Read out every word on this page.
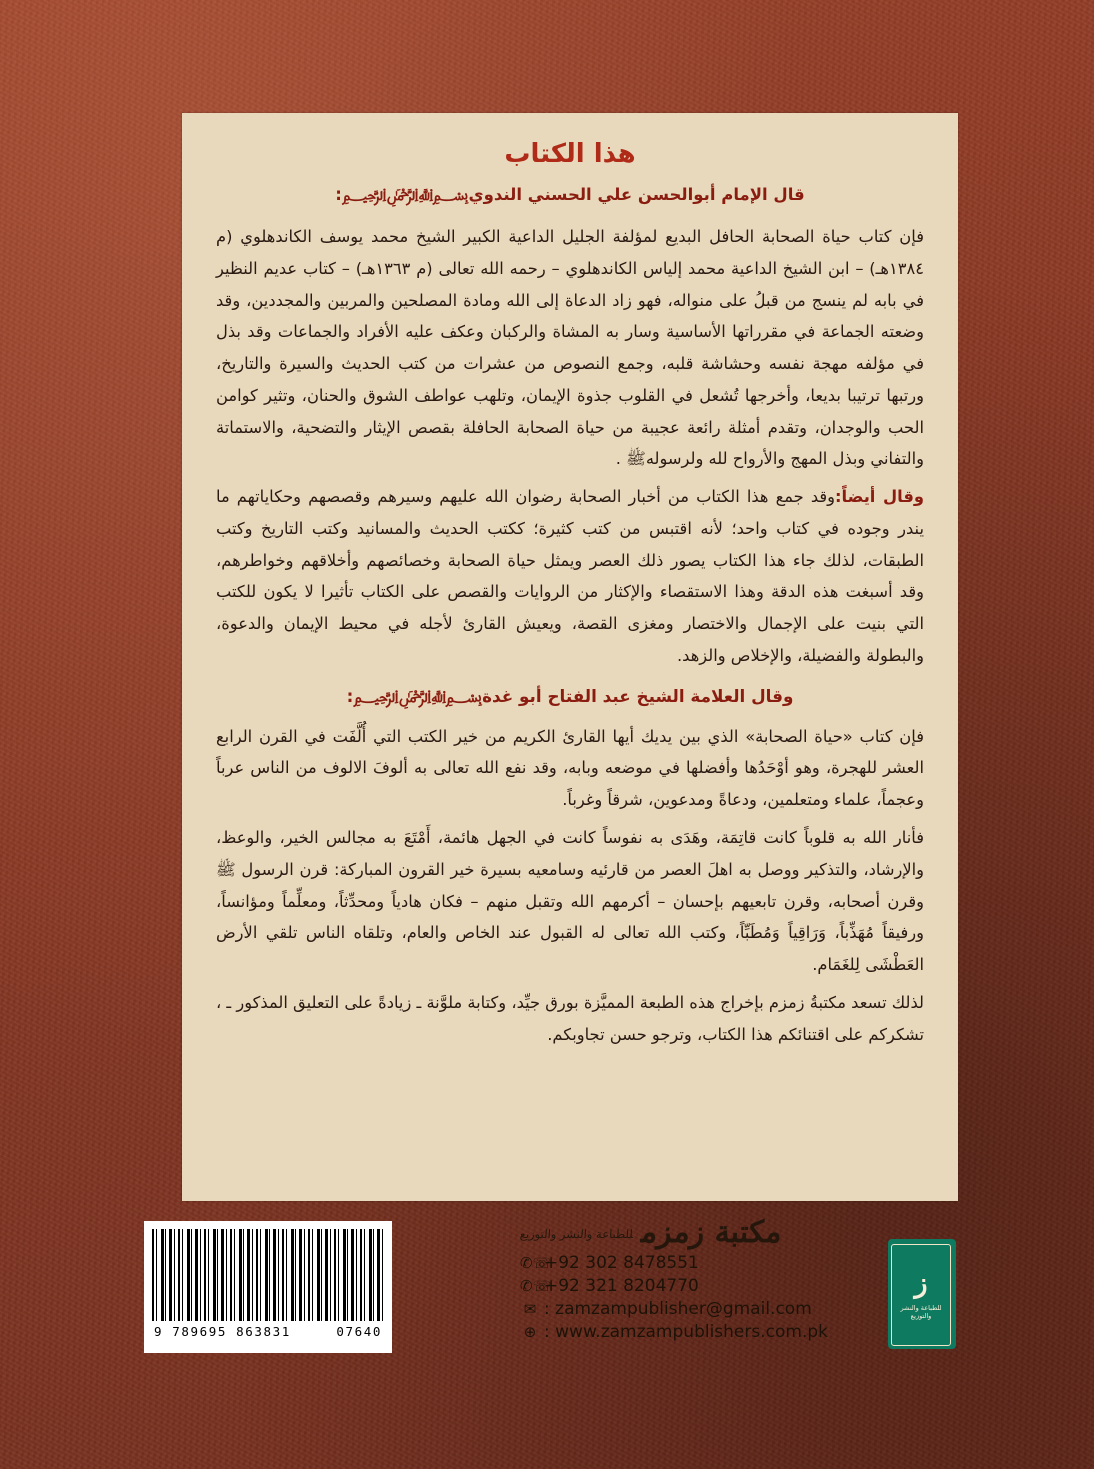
هذا الكتاب
قال الإمام أبوالحسن علي الحسني الندوي﷽:

فإن كتاب حياة الصحابة الحافل البديع لمؤلفة الجليل الداعية الكبير الشيخ محمد يوسف الكاندهلوي (م ١٣٨٤هـ) – ابن الشيخ الداعية محمد إلياس الكاندهلوي – رحمه الله تعالى (م ١٣٦٣هـ) – كتاب عديم النظير في بابه لم ينسج من قبلُ على منواله، فهو زاد الدعاة إلى الله ومادة المصلحين والمربين والمجددين، وقد وضعته الجماعة في مقرراتها الأساسية وسار به المشاة والركبان وعكف عليه الأفراد والجماعات وقد بذل في مؤلفه مهجة نفسه وحشاشة قلبه، وجمع النصوص من عشرات من كتب الحديث والسيرة والتاريخ، ورتبها ترتيبا بديعا، وأخرجها تُشعل في القلوب جذوة الإيمان، وتلهب عواطف الشوق والحنان، وتثير كوامن الحب والوجدان، وتقدم أمثلة رائعة عجيبة من حياة الصحابة الحافلة بقصص الإيثار والتضحية، والاستماتة والتفاني وبذل المهج والأرواح لله ولرسولهﷺ .

وقال أيضاً:وقد جمع هذا الكتاب من أخبار الصحابة رضوان الله عليهم وسيرهم وقصصهم وحكاياتهم ما يندر وجوده في كتاب واحد؛ لأنه اقتبس من كتب كثيرة؛ ككتب الحديث والمسانيد وكتب التاريخ وكتب الطبقات، لذلك جاء هذا الكتاب يصور ذلك العصر ويمثل حياة الصحابة وخصائصهم وأخلاقهم وخواطرهم، وقد أسبغت هذه الدقة وهذا الاستقصاء والإكثار من الروايات والقصص على الكتاب تأثيرا لا يكون للكتب التي بنيت على الإجمال والاختصار ومغزى القصة، ويعيش القارئ لأجله في محيط الإيمان والدعوة، والبطولة والفضيلة، والإخلاص والزهد.

وقال العلامة الشيخ عبد الفتاح أبو غدة﷽:

فإن كتاب «حياة الصحابة» الذي بين يديك أيها القارئ الكريم من خير الكتب التي أُلَّفَت في القرن الرابع العشر للهجرة، وهو أوْحَدُها وأفضلها في موضعه وبابه، وقد نفع الله تعالى به ألوفَ الالوف من الناس عرباً وعجماً، علماء ومتعلمين، ودعاةً ومدعوين، شرقاً وغرباً.

فأنار الله به قلوباً كانت قاتِمَة، وهَدَى به نفوساً كانت في الجهل هائمة، أَمْتَعَ به مجالس الخير، والوعظ، والإرشاد، والتذكير ووصل به اهلَ العصر من قارئيه وسامعيه بسيرة خير القرون المباركة: قرن الرسول ﷺ وقرن أصحابه، وقرن تابعيهم بإحسان – أكرمهم الله وتقبل منهم – فكان هادياً ومحدِّثاً، ومعلِّماً ومؤانساً، ورفيقاً مُهَذِّباً، وَرَاقِياً وَمُطَبِّاً، وكتب الله تعالى له القبول عند الخاص والعام، وتلقاه الناس تلقي الأرض العَطْشَى لِلغَمَام.

لذلك تسعد مكتبةُ زمزم بإخراج هذه الطبعة المميَّزة بورق جيِّد، وكتابة ملوَّنة ـ زيادةً على التعليق المذكور ـ ، تشكركم على اقتنائكم هذا الكتاب، وترجو حسن تجاوبكم.

9 789695 863831	07640
مكتبة زمزم$^{للطباعة والنشر والتوزيع}$
✆☏+92 302 8478551
✆☏+92 321 8204770
✉ : zamzampublisher@gmail.com
⊕ : www.zamzampublishers.com.pk
ز
للطباعة والنشر والتوزيع
